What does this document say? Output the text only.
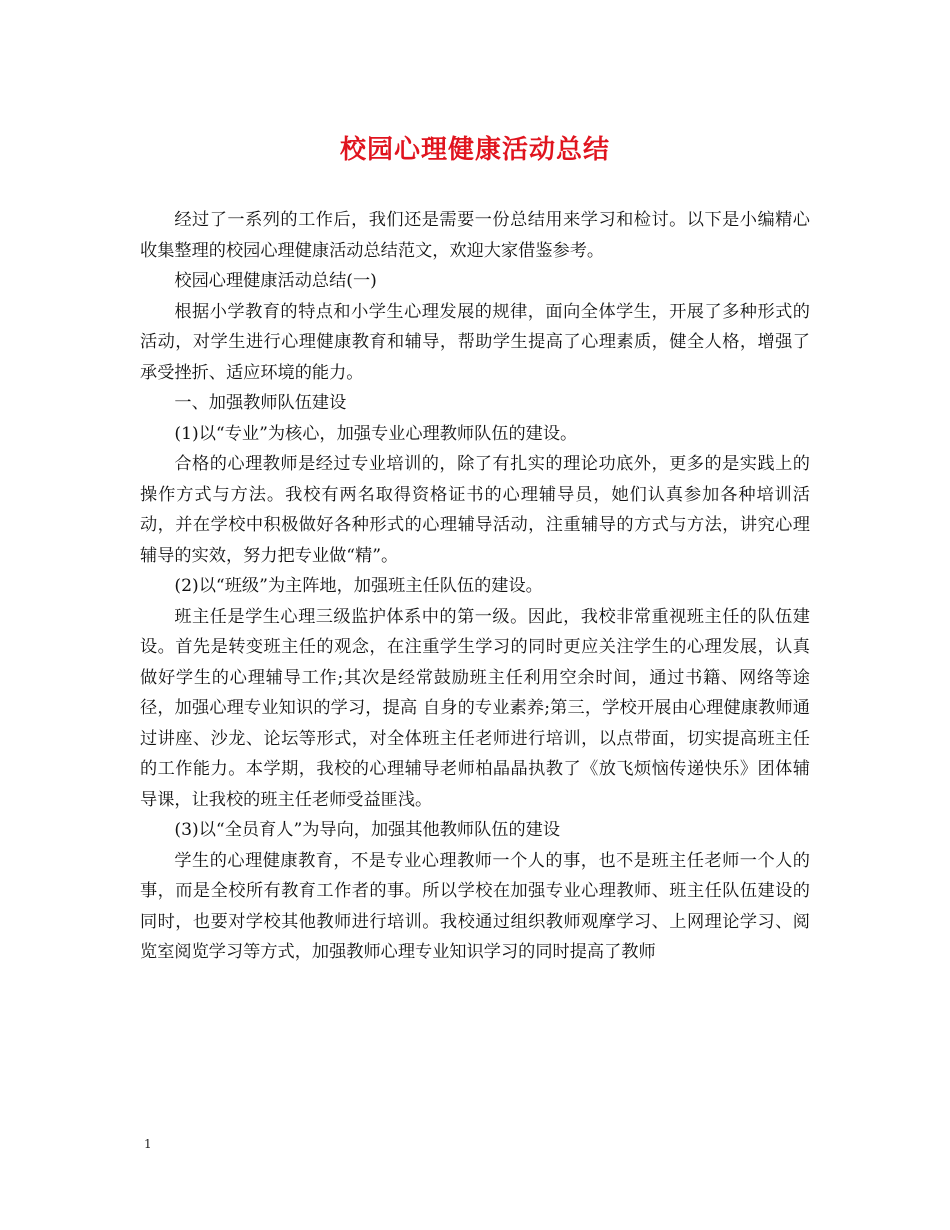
校园心理健康活动总结

经过了一系列的工作后，我们还是需要一份总结用来学习和检讨。以下是小编精心收集整理的校园心理健康活动总结范文，欢迎大家借鉴参考。

校园心理健康活动总结(一)

根据小学教育的特点和小学生心理发展的规律，面向全体学生，开展了多种形式的活动，对学生进行心理健康教育和辅导，帮助学生提高了心理素质，健全人格，增强了承受挫折、适应环境的能力。

一、加强教师队伍建设

(1)以“专业”为核心，加强专业心理教师队伍的建设。

合格的心理教师是经过专业培训的，除了有扎实的理论功底外，更多的是实践上的操作方式与方法。我校有两名取得资格证书的心理辅导员，她们认真参加各种培训活动，并在学校中积极做好各种形式的心理辅导活动，注重辅导的方式与方法，讲究心理辅导的实效，努力把专业做“精”。

(2)以“班级”为主阵地，加强班主任队伍的建设。

班主任是学生心理三级监护体系中的第一级。因此，我校非常重视班主任的队伍建设。首先是转变班主任的观念，在注重学生学习的同时更应关注学生的心理发展，认真做好学生的心理辅导工作;其次是经常鼓励班主任利用空余时间，通过书籍、网络等途径，加强心理专业知识的学习，提高 自身的专业素养;第三，学校开展由心理健康教师通过讲座、沙龙、论坛等形式，对全体班主任老师进行培训，以点带面，切实提高班主任的工作能力。本学期，我校的心理辅导老师柏晶晶执教了《放飞烦恼传递快乐》团体辅导课，让我校的班主任老师受益匪浅。

(3)以“全员育人”为导向，加强其他教师队伍的建设

学生的心理健康教育，不是专业心理教师一个人的事，也不是班主任老师一个人的事，而是全校所有教育工作者的事。所以学校在加强专业心理教师、班主任队伍建设的同时，也要对学校其他教师进行培训。我校通过组织教师观摩学习、上网理论学习、阅览室阅览学习等方式，加强教师心理专业知识学习的同时提高了教师

1
